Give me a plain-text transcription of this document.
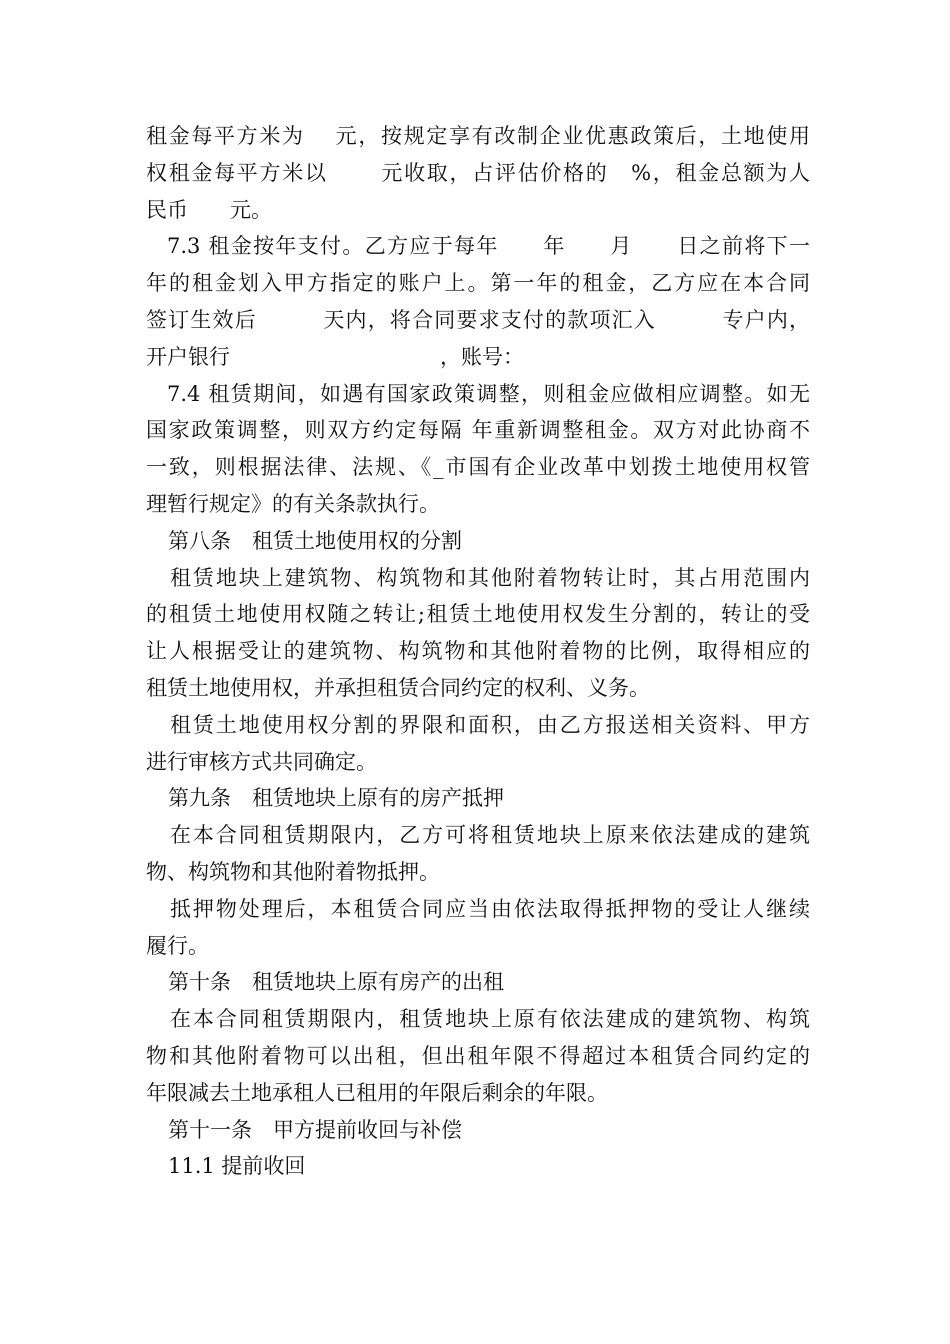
租金每平方米为　 元，按规定享有改制企业优惠政策后，土地使用
权租金每平方米以　　 元收取，占评估价格的　%，租金总额为人
民币　　元。
7.3 租金按年支付。乙方应于每年　　年　　月　　日之前将下一
年的租金划入甲方指定的账户上。第一年的租金，乙方应在本合同
签订生效后　　　天内，将合同要求支付的款项汇入　　　专户内，
开户银行　　　　　　　　　　，账号：
7.4 租赁期间，如遇有国家政策调整，则租金应做相应调整。如无
国家政策调整，则双方约定每隔 年重新调整租金。双方对此协商不
一致，则根据法律、法规、《_市国有企业改革中划拨土地使用权管
理暂行规定》的有关条款执行。
第八条　租赁土地使用权的分割
租赁地块上建筑物、构筑物和其他附着物转让时，其占用范围内
的租赁土地使用权随之转让;租赁土地使用权发生分割的，转让的受
让人根据受让的建筑物、构筑物和其他附着物的比例，取得相应的
租赁土地使用权，并承担租赁合同约定的权利、义务。
租赁土地使用权分割的界限和面积，由乙方报送相关资料、甲方
进行审核方式共同确定。
第九条　租赁地块上原有的房产抵押
在本合同租赁期限内，乙方可将租赁地块上原来依法建成的建筑
物、构筑物和其他附着物抵押。
抵押物处理后，本租赁合同应当由依法取得抵押物的受让人继续
履行。
第十条　租赁地块上原有房产的出租
在本合同租赁期限内，租赁地块上原有依法建成的建筑物、构筑
物和其他附着物可以出租，但出租年限不得超过本租赁合同约定的
年限减去土地承租人已租用的年限后剩余的年限。
第十一条　甲方提前收回与补偿
11.1 提前收回
